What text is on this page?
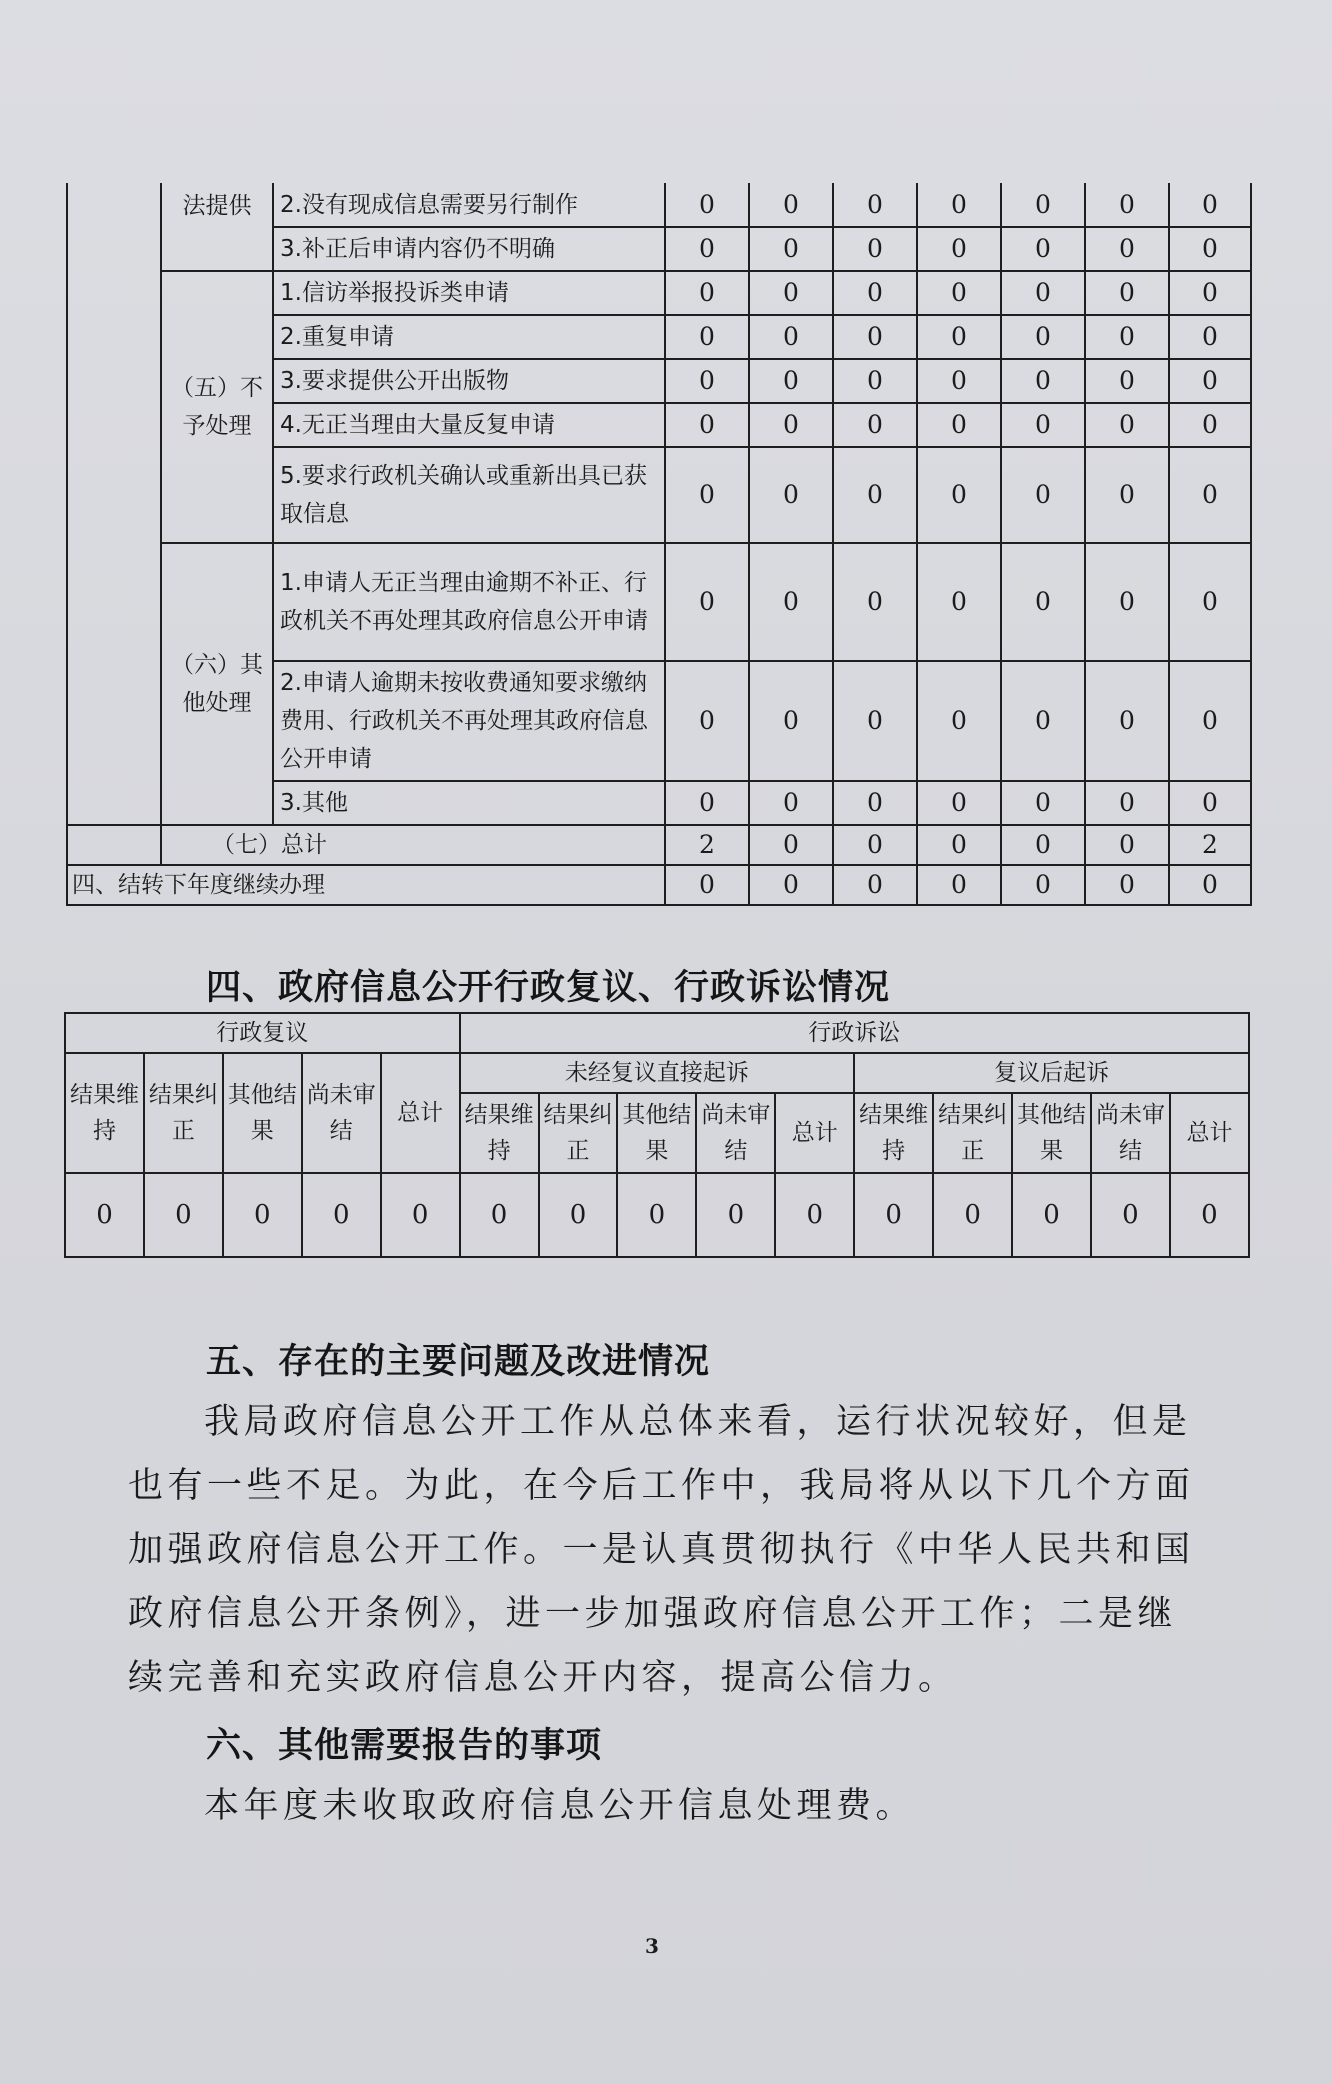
	法提供	2.没有现成信息需要另行制作	0	0	0	0	0	0	0
		3.补正后申请内容仍不明确	0	0	0	0	0	0	0
	（五）不予处理	1.信访举报投诉类申请	0	0	0	0	0	0	0
		2.重复申请	0	0	0	0	0	0	0
		3.要求提供公开出版物	0	0	0	0	0	0	0
		4.无正当理由大量反复申请	0	0	0	0	0	0	0
		5.要求行政机关确认或重新出具已获取信息	0	0	0	0	0	0	0
	（六）其他处理	1.申请人无正当理由逾期不补正、行政机关不再处理其政府信息公开申请	0	0	0	0	0	0	0
		2.申请人逾期未按收费通知要求缴纳费用、行政机关不再处理其政府信息公开申请	0	0	0	0	0	0	0
		3.其他	0	0	0	0	0	0	0
	（七）总计		2	0	0	0	0	0	2
四、结转下年度继续办理			0	0	0	0	0	0	0
四、政府信息公开行政复议、行政诉讼情况
行政复议					行政诉讼									
结果维持	结果纠正	其他结果	尚未审结	总计	未经复议直接起诉					复议后起诉				
					结果维持	结果纠正	其他结果	尚未审结	总计	结果维持	结果纠正	其他结果	尚未审结	总计
0	0	0	0	0	0	0	0	0	0	0	0	0	0	0
五、存在的主要问题及改进情况

我局政府信息公开工作从总体来看，运行状况较好，但是也有一些不足。为此，在今后工作中，我局将从以下几个方面加强政府信息公开工作。一是认真贯彻执行《中华人民共和国政府信息公开条例》，进一步加强政府信息公开工作；二是继续完善和充实政府信息公开内容，提高公信力。

六、其他需要报告的事项

本年度未收取政府信息公开信息处理费。

3
